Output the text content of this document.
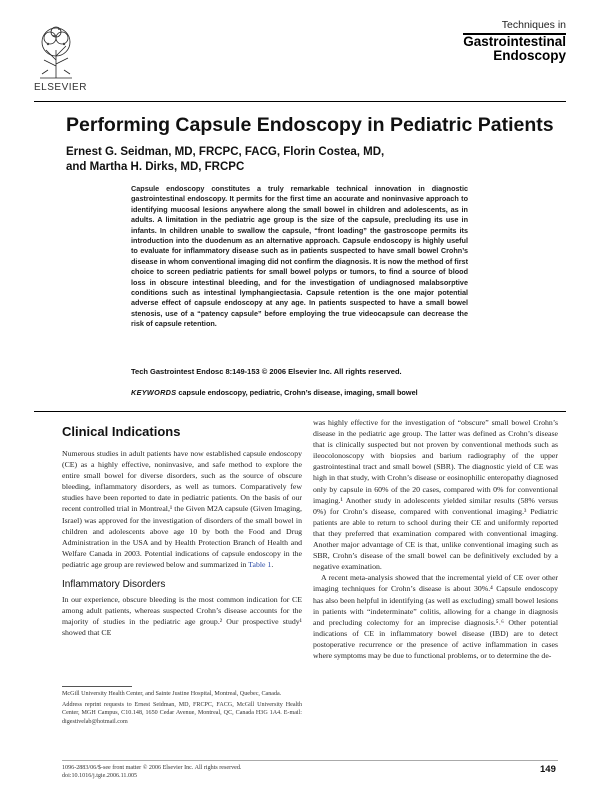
ELSEVIER
Techniques in
Gastrointestinal
Endoscopy
Performing Capsule Endoscopy in Pediatric Patients
Ernest G. Seidman, MD, FRCPC, FACG, Florin Costea, MD,
and Martha H. Dirks, MD, FRCPC
Capsule endoscopy constitutes a truly remarkable technical innovation in diagnostic gastrointestinal endoscopy. It permits for the first time an accurate and noninvasive approach to identifying mucosal lesions anywhere along the small bowel in children and adolescents, as in adults. A limitation in the pediatric age group is the size of the capsule, precluding its use in infants. In children unable to swallow the capsule, “front loading” the gastroscope permits its introduction into the duodenum as an alternative approach. Capsule endoscopy is highly useful to evaluate for inflammatory disease such as in patients suspected to have small bowel Crohn’s disease in whom conventional imaging did not confirm the diagnosis. It is now the method of first choice to screen pediatric patients for small bowel polyps or tumors, to find a source of blood loss in obscure intestinal bleeding, and for the investigation of undiagnosed malabsorptive conditions such as intestinal lymphangiectasia. Capsule retention is the one major potential adverse effect of capsule endoscopy at any age. In patients suspected to have a small bowel stenosis, use of a “patency capsule” before employing the true videocapsule can decrease the risk of capsule retention.
Tech Gastrointest Endosc 8:149-153 © 2006 Elsevier Inc. All rights reserved.
KEYWORDS capsule endoscopy, pediatric, Crohn’s disease, imaging, small bowel
Clinical Indications

Numerous studies in adult patients have now established capsule endoscopy (CE) as a highly effective, noninvasive, and safe method to explore the entire small bowel for diverse disorders, such as the source of obscure bleeding, inflammatory disorders, as well as tumors. Comparatively few studies have been reported to date in pediatric patients. On the basis of our recent controlled trial in Montreal,¹ the Given M2A capsule (Given Imaging, Israel) was approved for the investigation of disorders of the small bowel in children and adolescents above age 10 by both the Food and Drug Administration in the USA and by Health Protection Branch of Health and Welfare Canada in 2003. Potential indications of capsule endoscopy in the pediatric age group are reviewed below and summarized in Table 1.

Inflammatory Disorders

In our experience, obscure bleeding is the most common indication for CE among adult patients, whereas suspected Crohn’s disease accounts for the majority of studies in the pediatric age group.² Our prospective study¹ showed that CE

McGill University Health Center, and Sainte Justine Hospital, Montreal, Quebec, Canada.

Address reprint requests to Ernest Seidman, MD, FRCPC, FACG, McGill University Health Center, MGH Campus, C10.148, 1650 Cedar Avenue, Montreal, QC, Canada H3G 1A4. E-mail: digestivelab@hotmail.com

was highly effective for the investigation of “obscure” small bowel Crohn’s disease in the pediatric age group. The latter was defined as Crohn’s disease that is clinically suspected but not proven by conventional methods such as ileocolonoscopy with biopsies and barium radiography of the upper gastrointestinal tract and small bowel (SBR). The diagnostic yield of CE was high in that study, with Crohn’s disease or eosinophilic enteropathy diagnosed only by capsule in 60% of the 20 cases, compared with 0% for conventional imaging.¹ Another study in adolescents yielded similar results (58% versus 0%) for Crohn’s disease, compared with conventional imaging.³ Pediatric patients are able to return to school during their CE and uniformly reported that they preferred that examination compared with conventional imaging. Another major advantage of CE is that, unlike conventional imaging such as SBR, Crohn’s disease of the small bowel can be definitively excluded by a negative examination.

A recent meta-analysis showed that the incremental yield of CE over other imaging techniques for Crohn’s disease is about 30%.⁴ Capsule endoscopy has also been helpful in identifying (as well as excluding) small bowel lesions in patients with “indeterminate” colitis, allowing for a change in diagnosis and precluding colectomy for an imprecise diagnosis.⁵˒⁶ Other potential indications of CE in inflammatory bowel disease (IBD) are to detect postoperative recurrence or the presence of active inflammation in cases where symptoms may be due to functional problems, or to determine the de-

1096-2883/06/$-see front matter © 2006 Elsevier Inc. All rights reserved.
doi:10.1016/j.tgie.2006.11.005
149
